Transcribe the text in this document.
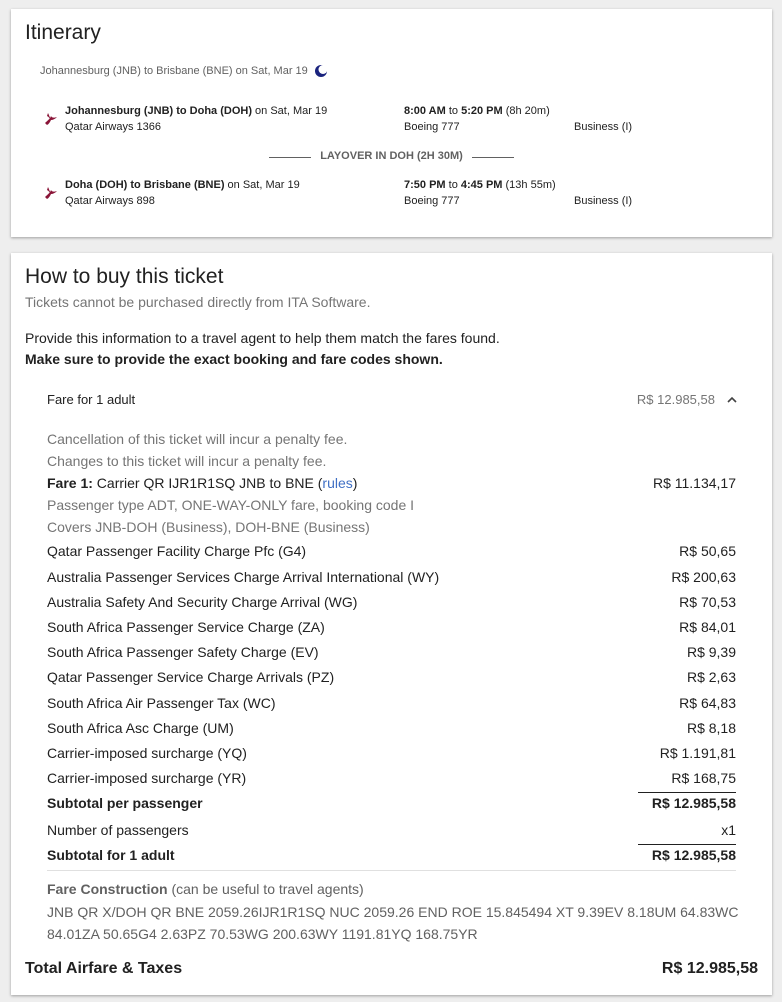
Itinerary
Johannesburg (JNB) to Brisbane (BNE) on Sat, Mar 19
Johannesburg (JNB) to Doha (DOH) on Sat, Mar 19
Qatar Airways 1366
8:00 AM to 5:20 PM (8h 20m)
Boeing 777	Business (I)
LAYOVER IN DOH (2H 30M)
Doha (DOH) to Brisbane (BNE) on Sat, Mar 19
Qatar Airways 898
7:50 PM to 4:45 PM (13h 55m)
Boeing 777	Business (I)
How to buy this ticket
Tickets cannot be purchased directly from ITA Software.
Provide this information to a travel agent to help them match the fares found.
Make sure to provide the exact booking and fare codes shown.
Fare for 1 adult	R$ 12.985,58
Cancellation of this ticket will incur a penalty fee.
Changes to this ticket will incur a penalty fee.
Fare 1: Carrier QR IJR1R1SQ JNB to BNE (rules)	R$ 11.134,17
Passenger type ADT, ONE-WAY-ONLY fare, booking code I
Covers JNB-DOH (Business), DOH-BNE (Business)
Qatar Passenger Facility Charge Pfc (G4)	R$ 50,65
Australia Passenger Services Charge Arrival International (WY)	R$ 200,63
Australia Safety And Security Charge Arrival (WG)	R$ 70,53
South Africa Passenger Service Charge (ZA)	R$ 84,01
South Africa Passenger Safety Charge (EV)	R$ 9,39
Qatar Passenger Service Charge Arrivals (PZ)	R$ 2,63
South Africa Air Passenger Tax (WC)	R$ 64,83
South Africa Asc Charge (UM)	R$ 8,18
Carrier-imposed surcharge (YQ)	R$ 1.191,81
Carrier-imposed surcharge (YR)	R$ 168,75
Subtotal per passenger	R$ 12.985,58
Number of passengers	x1
Subtotal for 1 adult	R$ 12.985,58
Fare Construction (can be useful to travel agents)
JNB QR X/DOH QR BNE 2059.26IJR1R1SQ NUC 2059.26 END ROE 15.845494 XT 9.39EV 8.18UM 64.83WC
84.01ZA 50.65G4 2.63PZ 70.53WG 200.63WY 1191.81YQ 168.75YR
Total Airfare & Taxes	R$ 12.985,58
